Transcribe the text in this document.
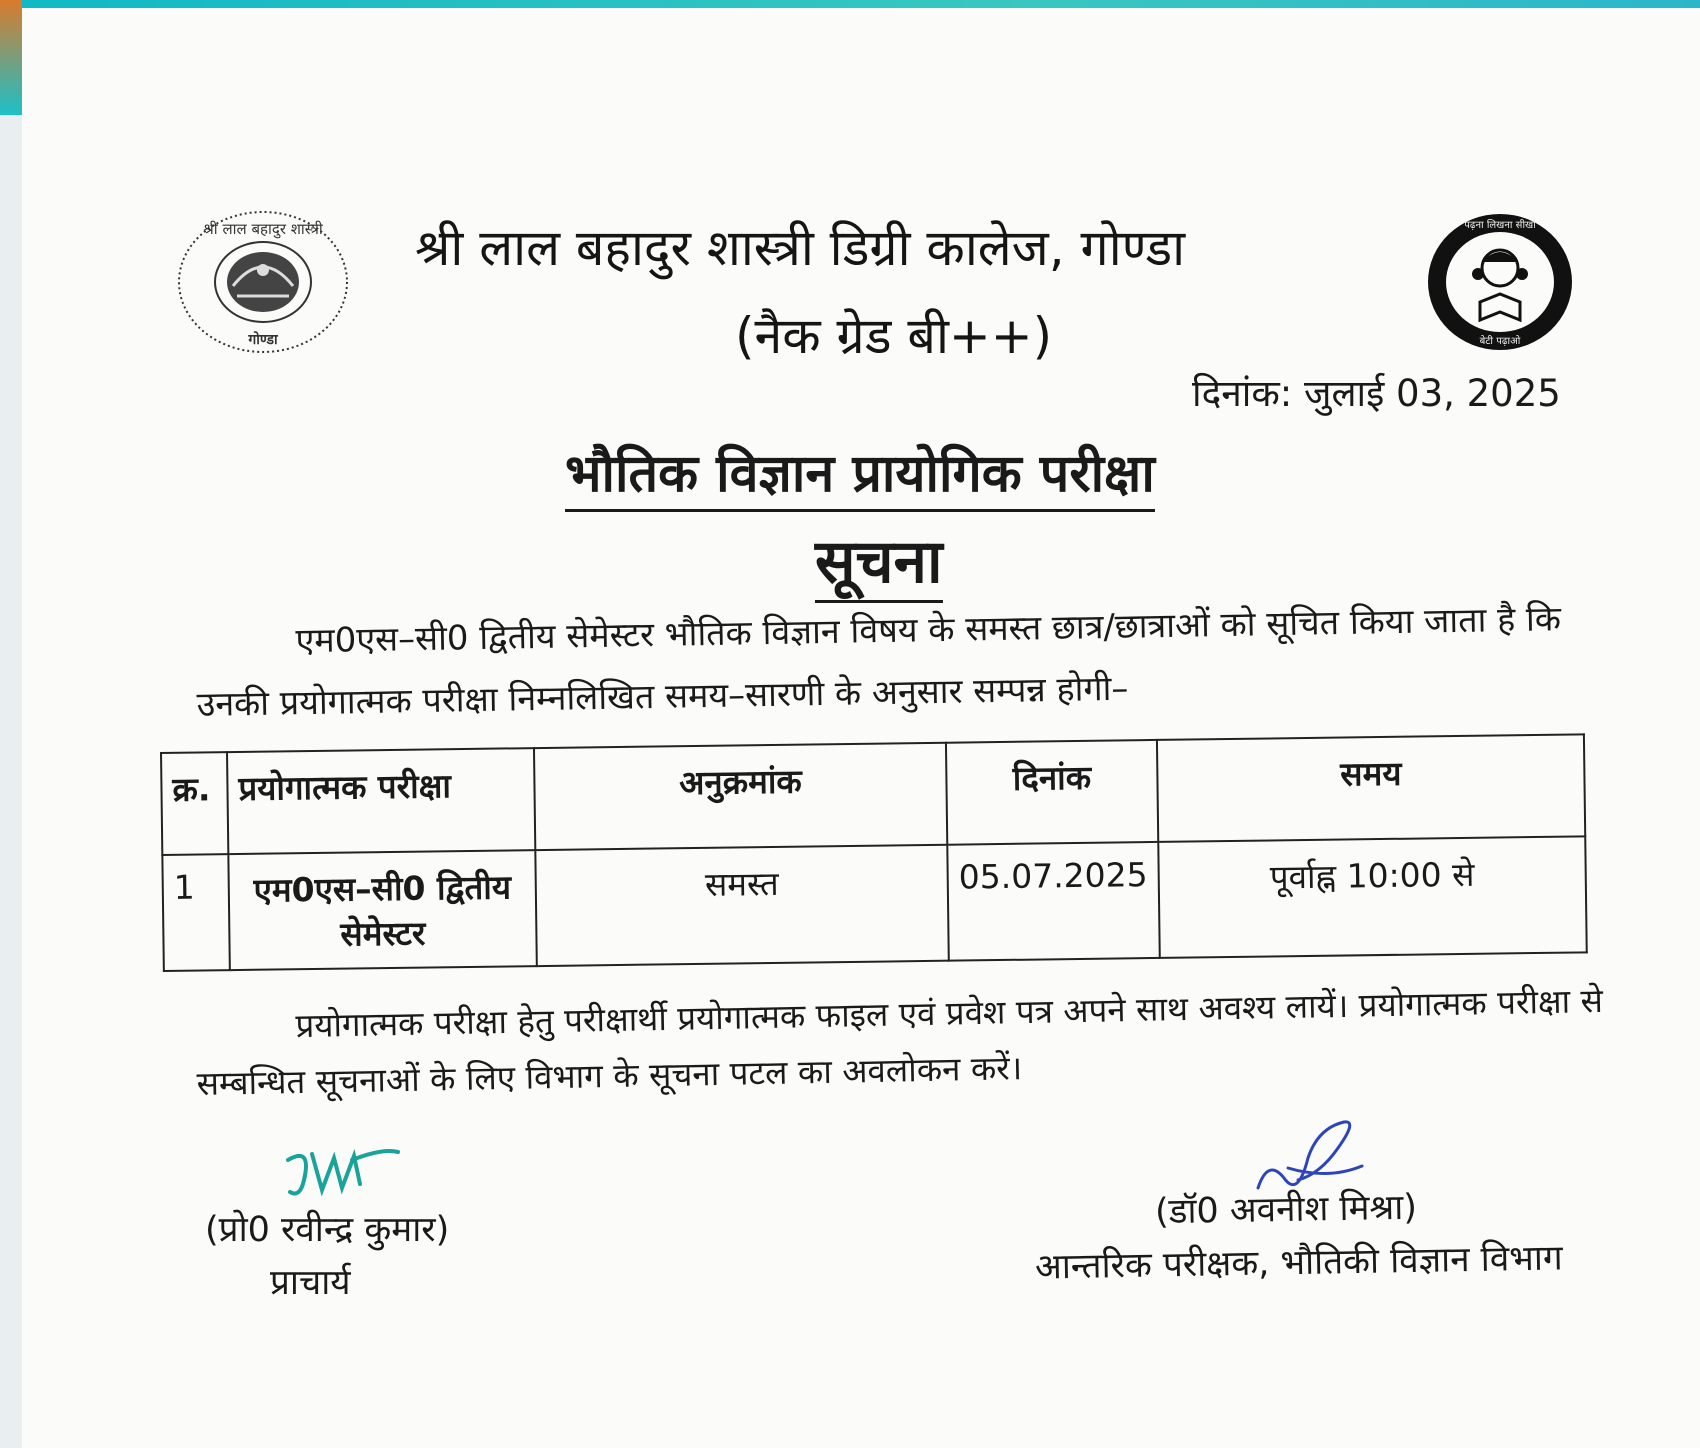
श्री लाल बहादुर शास्त्री
गोण्डा
पढ़ना लिखना सीखो
बेटी पढ़ाओ
श्री लाल बहादुर शास्त्री डिग्री कालेज, गोण्डा
(नैक ग्रेड बी++)
दिनांक: जुलाई 03, 2025
भौतिक विज्ञान प्रायोगिक परीक्षा
सूचना
एम0एस–सी0 द्वितीय सेमेस्टर भौतिक विज्ञान विषय के समस्त छात्र/छात्राओं को सूचित किया जाता है कि उनकी प्रयोगात्मक परीक्षा निम्नलिखित समय–सारणी के अनुसार सम्पन्न होगी–
क्र.	प्रयोगात्मक परीक्षा	अनुक्रमांक	दिनांक	समय
1	एम0एस–सी0 द्वितीय सेमेस्टर	समस्त	05.07.2025	पूर्वाह्न 10:00 से
प्रयोगात्मक परीक्षा हेतु परीक्षार्थी प्रयोगात्मक फाइल एवं प्रवेश पत्र अपने साथ अवश्य लायें। प्रयोगात्मक परीक्षा से सम्बन्धित सूचनाओं के लिए विभाग के सूचना पटल का अवलोकन करें।
(प्रो0 रवीन्द्र कुमार)
प्राचार्य
(डॉ0 अवनीश मिश्रा)
आन्तरिक परीक्षक, भौतिकी विज्ञान विभाग
